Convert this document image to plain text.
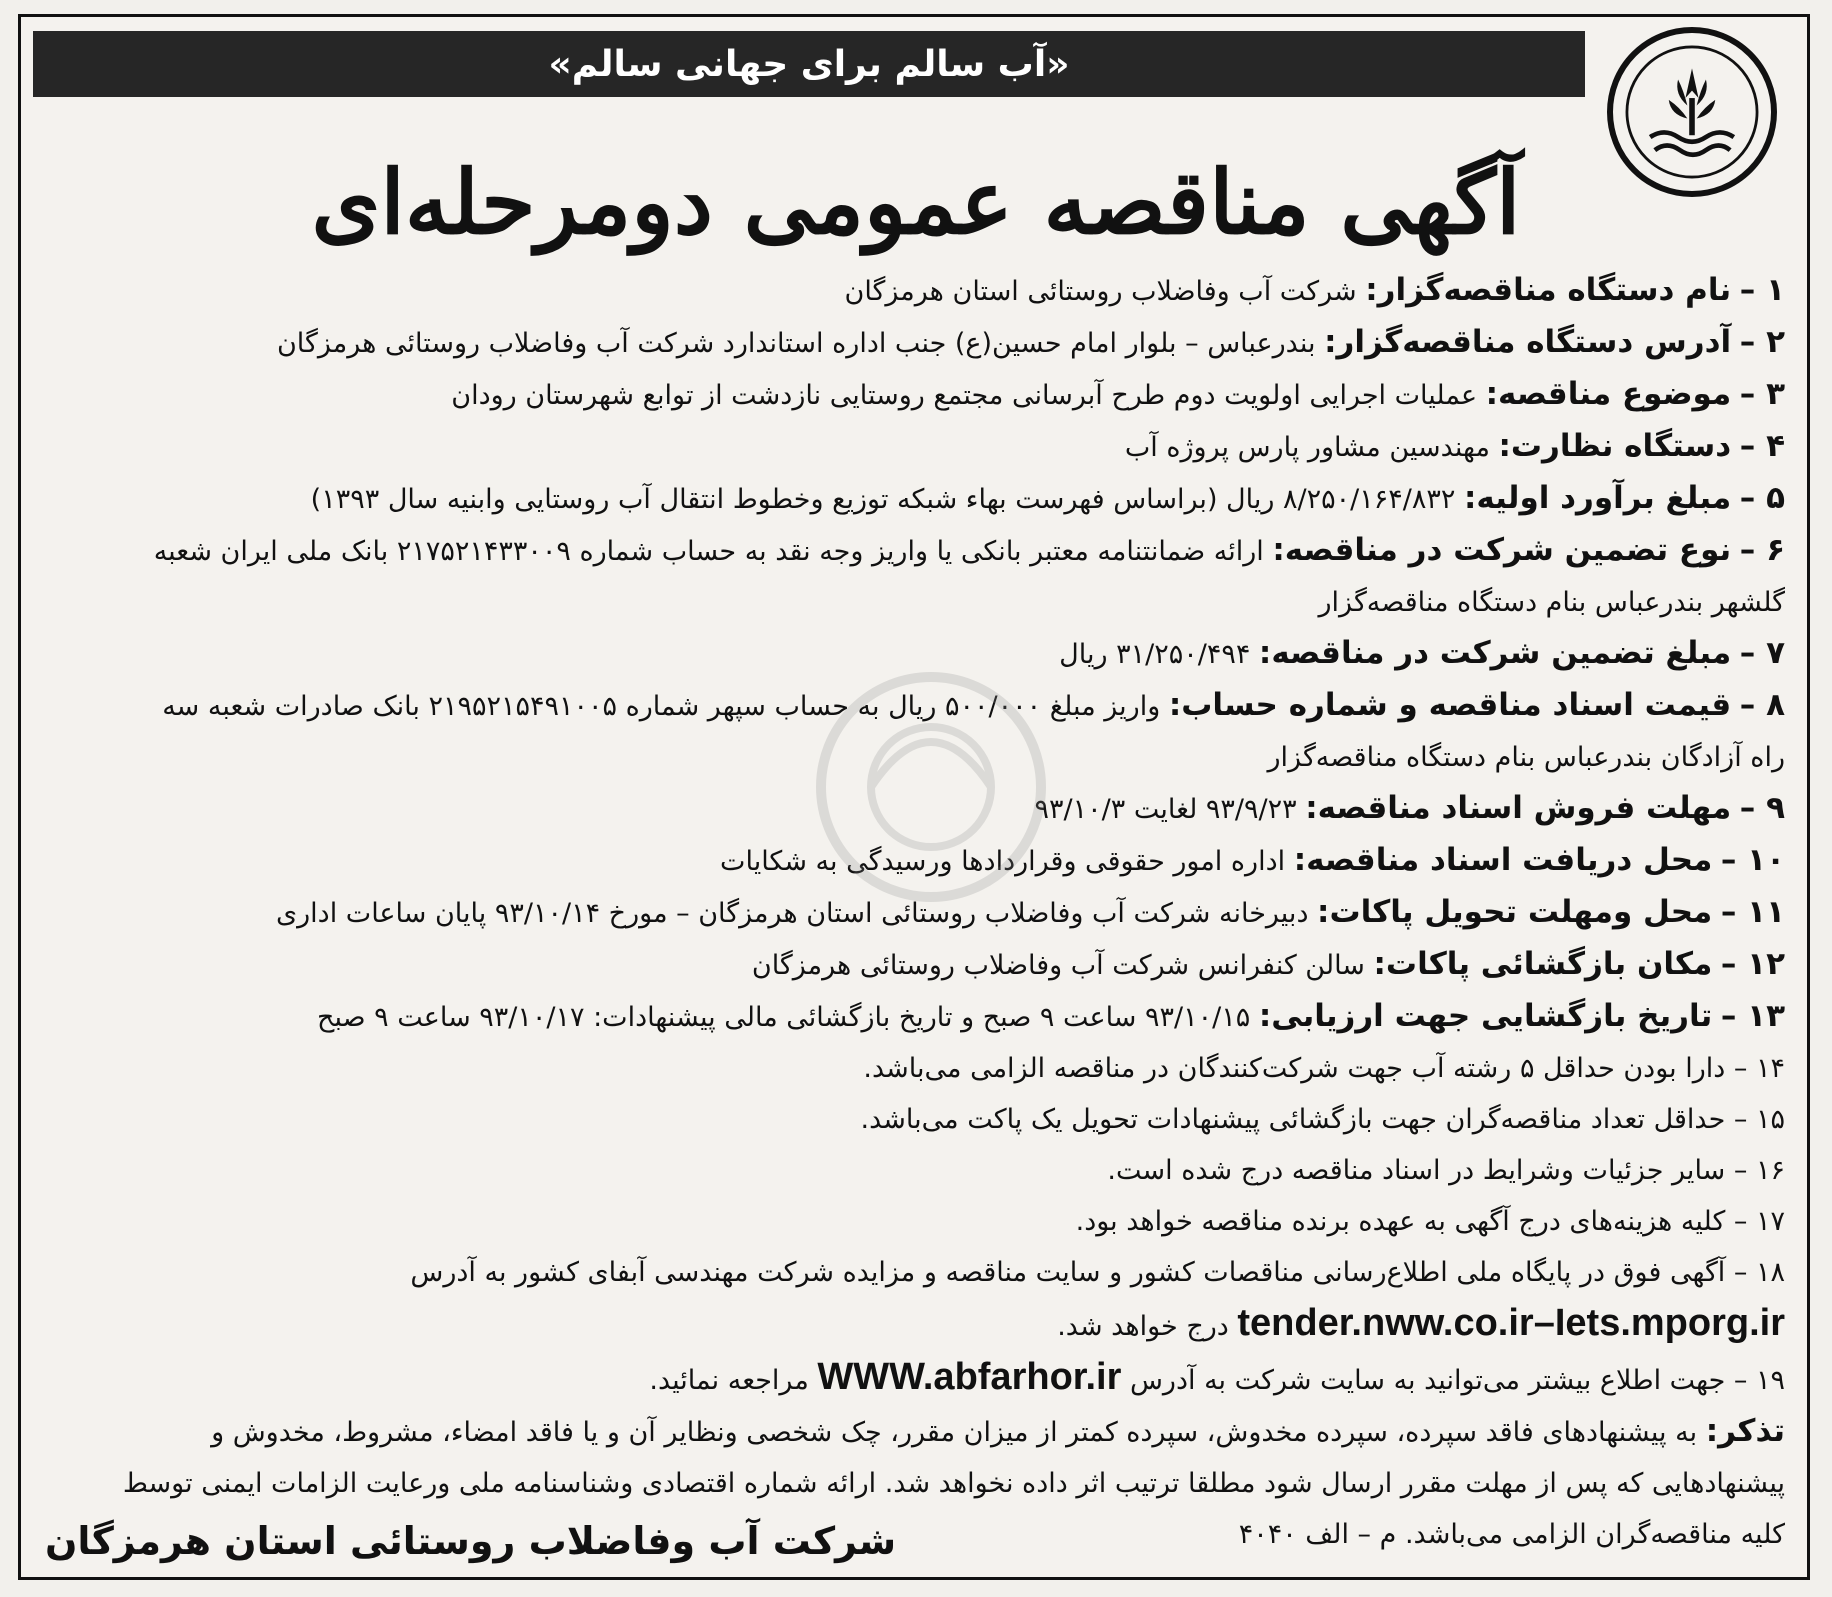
«آب سالم برای جهانی سالم»
آگهی مناقصه عمومی دومرحله‌ای
۱ – نام دستگاه مناقصه‌گزار: شرکت آب وفاضلاب روستائی استان هرمزگان
۲ – آدرس دستگاه مناقصه‌گزار: بندرعباس – بلوار امام حسین(ع) جنب اداره استاندارد شرکت آب وفاضلاب روستائی هرمزگان
۳ – موضوع مناقصه: عملیات اجرایی اولویت دوم طرح آبرسانی مجتمع روستایی نازدشت از توابع شهرستان رودان
۴ – دستگاه نظارت: مهندسین مشاور پارس پروژه آب
۵ – مبلغ برآورد اولیه: ۸/۲۵۰/۱۶۴/۸۳۲ ریال (براساس فهرست بهاء شبکه توزیع وخطوط انتقال آب روستایی وابنیه سال ۱۳۹۳)
۶ – نوع تضمین شرکت در مناقصه: ارائه ضمانتنامه معتبر بانکی یا واریز وجه نقد به حساب شماره ۲۱۷۵۲۱۴۳۳۰۰۹ بانک ملی ایران شعبه
گلشهر بندرعباس بنام دستگاه مناقصه‌گزار
۷ – مبلغ تضمین شرکت در مناقصه: ۳۱/۲۵۰/۴۹۴ ریال
۸ – قیمت اسناد مناقصه و شماره حساب: واریز مبلغ ۵۰۰/۰۰۰ ریال به حساب سپهر شماره ۲۱۹۵۲۱۵۴۹۱۰۰۵ بانک صادرات شعبه سه
راه آزادگان بندرعباس بنام دستگاه مناقصه‌گزار
۹ – مهلت فروش اسناد مناقصه: ۹۳/۹/۲۳ لغایت ۹۳/۱۰/۳
۱۰ – محل دریافت اسناد مناقصه: اداره امور حقوقی وقراردادها ورسیدگی به شکایات
۱۱ – محل ومهلت تحویل پاکات: دبیرخانه شرکت آب وفاضلاب روستائی استان هرمزگان – مورخ ۹۳/۱۰/۱۴ پایان ساعات اداری
۱۲ – مکان بازگشائی پاکات: سالن کنفرانس شرکت آب وفاضلاب روستائی هرمزگان
۱۳ – تاریخ بازگشایی جهت ارزیابی: ۹۳/۱۰/۱۵ ساعت ۹ صبح و تاریخ بازگشائی مالی پیشنهادات: ۹۳/۱۰/۱۷ ساعت ۹ صبح
۱۴ – دارا بودن حداقل ۵ رشته آب جهت شرکت‌کنندگان در مناقصه الزامی می‌باشد.
۱۵ – حداقل تعداد مناقصه‌گران جهت بازگشائی پیشنهادات تحویل یک پاکت می‌باشد.
۱۶ – سایر جزئیات وشرایط در اسناد مناقصه درج شده است.
۱۷ – کلیه هزینه‌های درج آگهی به عهده برنده مناقصه خواهد بود.
۱۸ – آگهی فوق در پایگاه ملی اطلاع‌رسانی مناقصات کشور و سایت مناقصه و مزایده شرکت مهندسی آبفای کشور به آدرس
tender.nww.co.ir–Iets.mporg.ir درج خواهد شد.
۱۹ – جهت اطلاع بیشتر می‌توانید به سایت شرکت به آدرس WWW.abfarhor.ir مراجعه نمائید.
تذکر: به پیشنهادهای فاقد سپرده، سپرده مخدوش، سپرده کمتر از میزان مقرر، چک شخصی ونظایر آن و یا فاقد امضاء، مشروط، مخدوش و
پیشنهادهایی که پس از مهلت مقرر ارسال شود مطلقا ترتیب اثر داده نخواهد شد. ارائه شماره اقتصادی وشناسنامه ملی ورعایت الزامات ایمنی توسط
کلیه مناقصه‌گران الزامی می‌باشد. م – الف ۴۰۴۰
شرکت آب وفاضلاب روستائی استان هرمزگان
